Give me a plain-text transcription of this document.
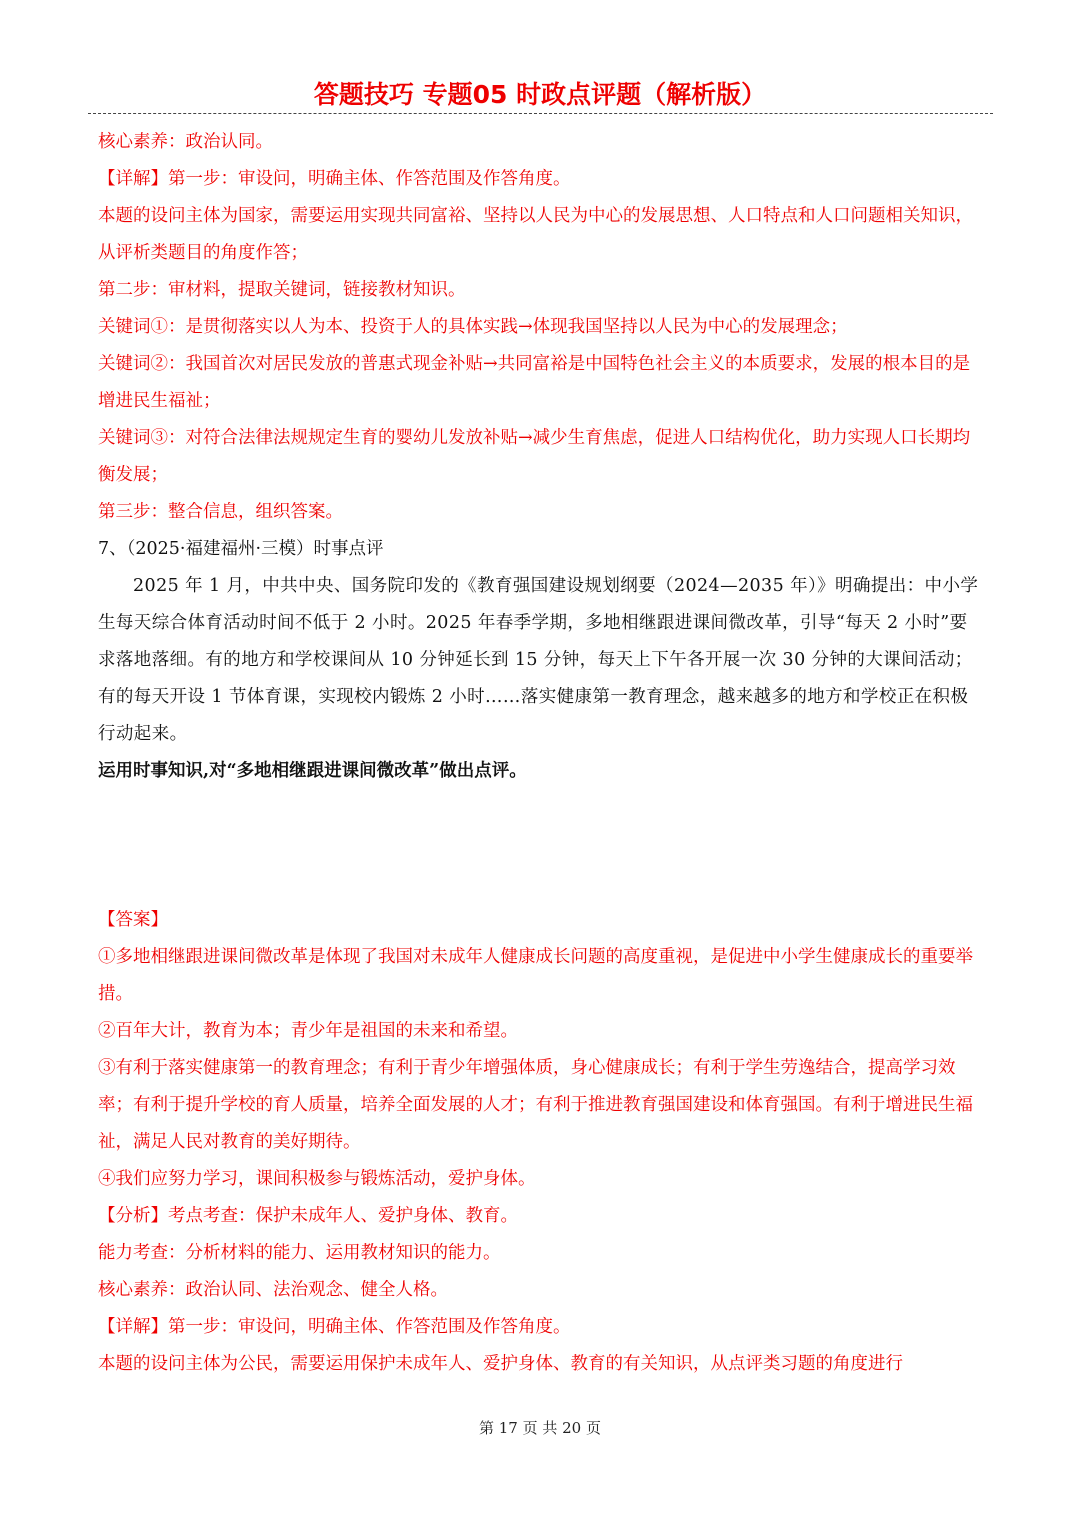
答题技巧 专题05 时政点评题（解析版）

核心素养：政治认同。

【详解】第一步：审设问，明确主体、作答范围及作答角度。

本题的设问主体为国家，需要运用实现共同富裕、坚持以人民为中心的发展思想、人口特点和人口问题相关知识，从评析类题目的角度作答；

第二步：审材料，提取关键词，链接教材知识。

关键词①：是贯彻落实以人为本、投资于人的具体实践→体现我国坚持以人民为中心的发展理念；

关键词②：我国首次对居民发放的普惠式现金补贴→共同富裕是中国特色社会主义的本质要求，发展的根本目的是增进民生福祉；

关键词③：对符合法律法规规定生育的婴幼儿发放补贴→减少生育焦虑，促进人口结构优化，助力实现人口长期均衡发展；

第三步：整合信息，组织答案。

7、（2025·福建福州·三模）时事点评

2025 年 1 月，中共中央、国务院印发的《教育强国建设规划纲要（2024—2035 年）》明确提出：中小学生每天综合体育活动时间不低于 2 小时。2025 年春季学期，多地相继跟进课间微改革，引导“每天 2 小时”要求落地落细。有的地方和学校课间从 10 分钟延长到 15 分钟，每天上下午各开展一次 30 分钟的大课间活动；有的每天开设 1 节体育课，实现校内锻炼 2 小时……落实健康第一教育理念，越来越多的地方和学校正在积极行动起来。

运用时事知识,对“多地相继跟进课间微改革”做出点评。

【答案】

①多地相继跟进课间微改革是体现了我国对未成年人健康成长问题的高度重视，是促进中小学生健康成长的重要举措。

②百年大计，教育为本；青少年是祖国的未来和希望。

③有利于落实健康第一的教育理念；有利于青少年增强体质，身心健康成长；有利于学生劳逸结合，提高学习效率；有利于提升学校的育人质量，培养全面发展的人才；有利于推进教育强国建设和体育强国。有利于增进民生福祉，满足人民对教育的美好期待。

④我们应努力学习，课间积极参与锻炼活动，爱护身体。

【分析】考点考查：保护未成年人、爱护身体、教育。

能力考查：分析材料的能力、运用教材知识的能力。

核心素养：政治认同、法治观念、健全人格。

【详解】第一步：审设问，明确主体、作答范围及作答角度。

本题的设问主体为公民，需要运用保护未成年人、爱护身体、教育的有关知识，从点评类习题的角度进行

第 17 页 共 20 页
